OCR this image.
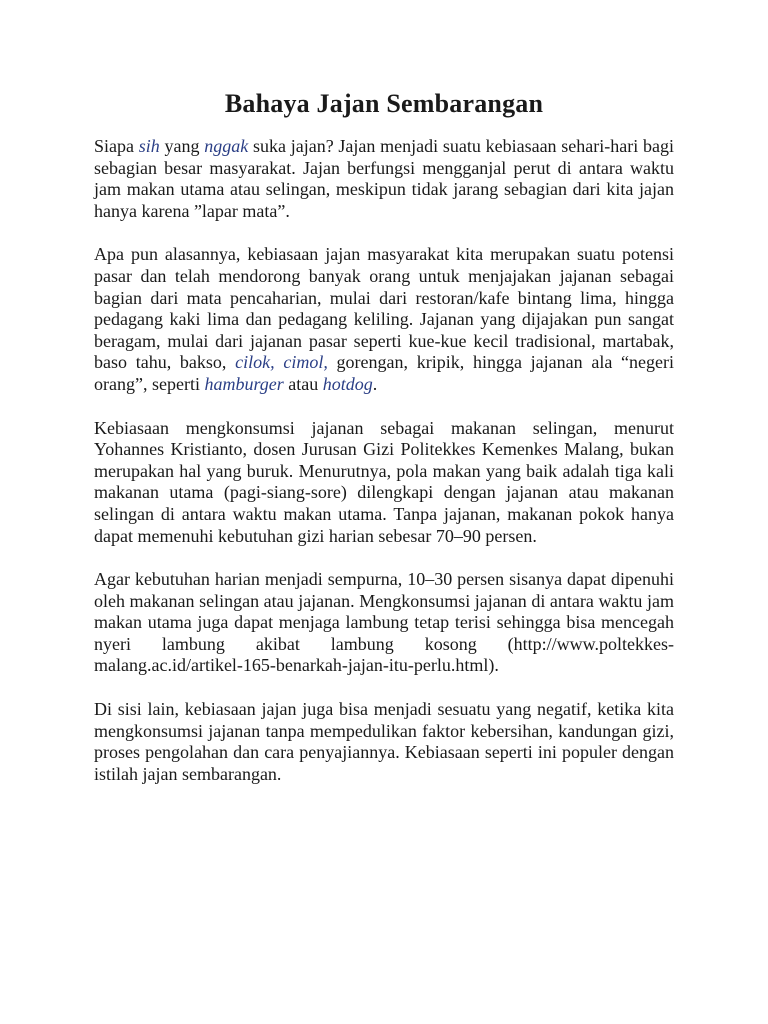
Bahaya Jajan Sembarangan

Siapa sih yang nggak suka jajan? Jajan menjadi suatu kebiasaan sehari-hari bagi sebagian besar masyarakat. Jajan berfungsi mengganjal perut di antara waktu jam makan utama atau selingan, meskipun tidak jarang sebagian dari kita jajan hanya karena ”lapar mata”.

Apa pun alasannya, kebiasaan jajan masyarakat kita merupakan suatu potensi pasar dan telah mendorong banyak orang untuk menjajakan jajanan sebagai bagian dari mata pencaharian, mulai dari restoran/kafe bintang lima, hingga pedagang kaki lima dan pedagang keliling. Jajanan yang dijajakan pun sangat beragam, mulai dari jajanan pasar seperti kue-kue kecil tradisional, martabak, baso tahu, bakso, cilok, cimol, gorengan, kripik, hingga jajanan ala “negeri orang”, seperti hamburger atau hotdog.

Kebiasaan mengkonsumsi jajanan sebagai makanan selingan, menurut Yohannes Kristianto, dosen Jurusan Gizi Politekkes Kemenkes Malang, bukan merupakan hal yang buruk. Menurutnya, pola makan yang baik adalah tiga kali makanan utama (pagi-siang-sore) dilengkapi dengan jajanan atau makanan selingan di antara waktu makan utama. Tanpa jajanan, makanan pokok hanya dapat memenuhi kebutuhan gizi harian sebesar 70–90 persen.

Agar kebutuhan harian menjadi sempurna, 10–30 persen sisanya dapat dipenuhi oleh makanan selingan atau jajanan. Mengkonsumsi jajanan di antara waktu jam makan utama juga dapat menjaga lambung tetap terisi sehingga bisa mencegah nyeri lambung akibat lambung kosong (http://www.poltekkes-malang.ac.id/artikel-165-benarkah-jajan-itu-perlu.html).

Di sisi lain, kebiasaan jajan juga bisa menjadi sesuatu yang negatif, ketika kita mengkonsumsi jajanan tanpa mempedulikan faktor kebersihan, kandungan gizi, proses pengolahan dan cara penyajiannya. Kebiasaan seperti ini populer dengan istilah jajan sembarangan.
